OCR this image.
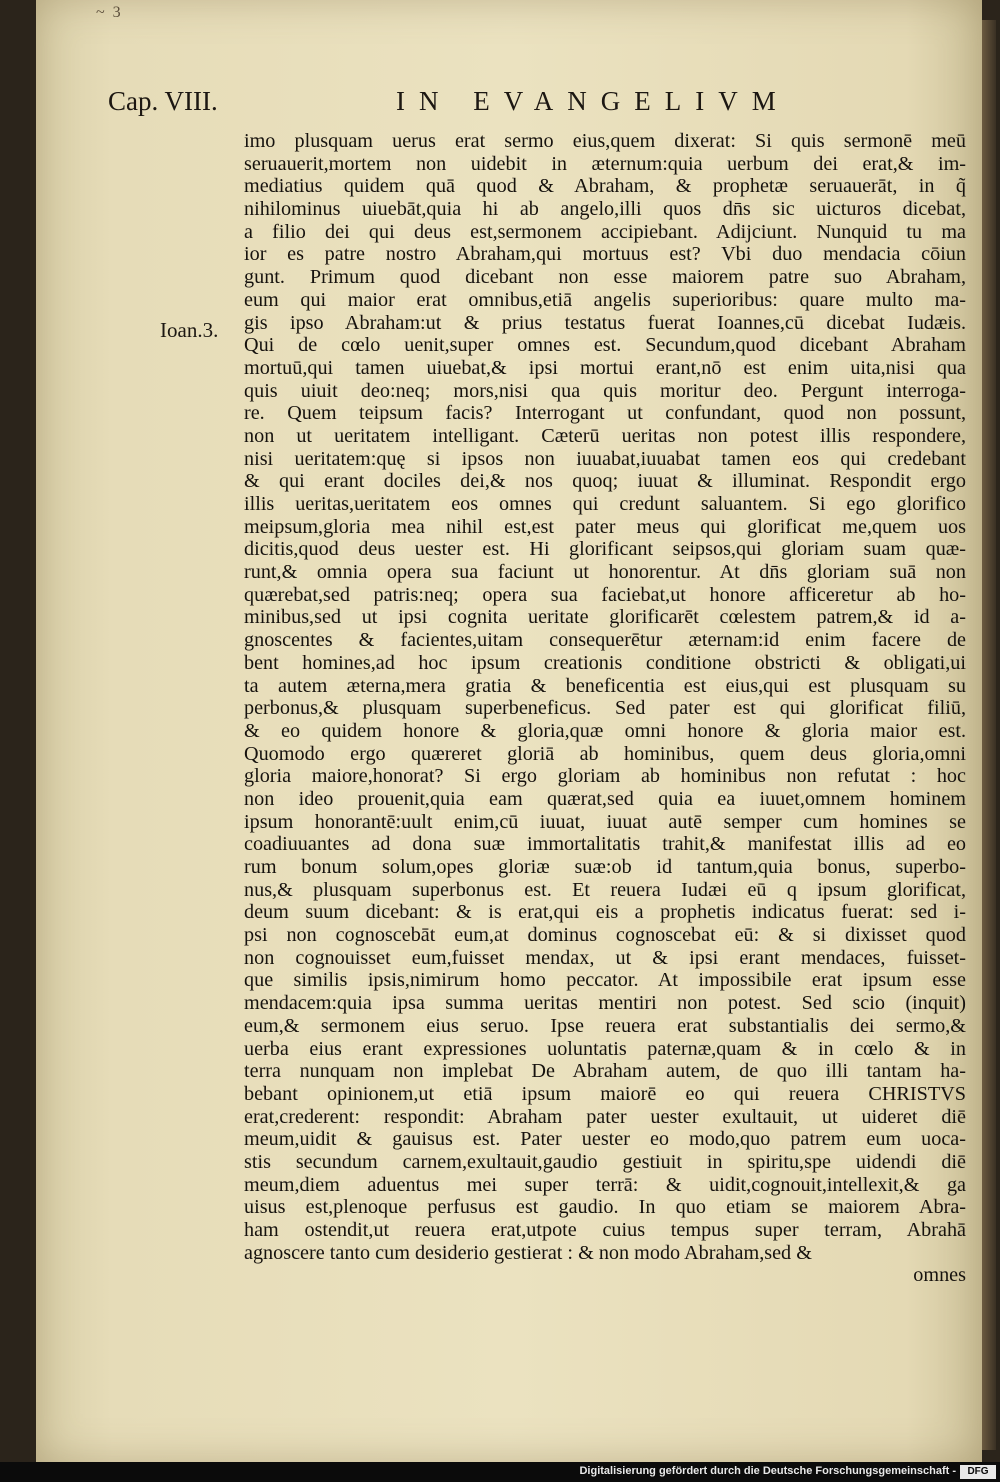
~ 3
Cap. VIII.	IN EVANGELIVM
Ioan.3.
imo plusquam uerus erat sermo eius,quem dixerat: Si quis sermonē meū
seruauerit,mortem non uidebit in æternum:quia uerbum dei erat,& im-
mediatius quidem quā quod & Abraham, & prophetæ seruauerāt, in q̃
nihilominus uiuebāt,quia hi ab angelo,illi quos dn̄s sic uicturos dicebat,
a filio dei qui deus est,sermonem accipiebant. Adijciunt. Nunquid tu ma
ior es patre nostro Abraham,qui mortuus est? Vbi duo mendacia cōiun
gunt. Primum quod dicebant non esse maiorem patre suo Abraham,
eum qui maior erat omnibus,etiā angelis superioribus: quare multo ma-
gis ipso Abraham:ut & prius testatus fuerat Ioannes,cū dicebat Iudæis.
Qui de cœlo uenit,super omnes est. Secundum,quod dicebant Abraham
mortuū,qui tamen uiuebat,& ipsi mortui erant,nō est enim uita,nisi qua
quis uiuit deo:neq; mors,nisi qua quis moritur deo. Pergunt interroga-
re. Quem teipsum facis? Interrogant ut confundant, quod non possunt,
non ut ueritatem intelligant. Cæterū ueritas non potest illis respondere,
nisi ueritatem:quę si ipsos non iuuabat,iuuabat tamen eos qui credebant
& qui erant dociles dei,& nos quoq; iuuat & illuminat. Respondit ergo
illis ueritas,ueritatem eos omnes qui credunt saluantem. Si ego glorifico
meipsum,gloria mea nihil est,est pater meus qui glorificat me,quem uos
dicitis,quod deus uester est. Hi glorificant seipsos,qui gloriam suam quæ-
runt,& omnia opera sua faciunt ut honorentur. At dn̄s gloriam suā non
quærebat,sed patris:neq; opera sua faciebat,ut honore afficeretur ab ho-
minibus,sed ut ipsi cognita ueritate glorificarēt cœlestem patrem,& id a-
gnoscentes & facientes,uitam consequerētur æternam:id enim facere de
bent homines,ad hoc ipsum creationis conditione obstricti & obligati,ui
ta autem æterna,mera gratia & beneficentia est eius,qui est plusquam su
perbonus,& plusquam superbeneficus. Sed pater est qui glorificat filiū,
& eo quidem honore & gloria,quæ omni honore & gloria maior est.
Quomodo ergo quæreret gloriā ab hominibus, quem deus gloria,omni
gloria maiore,honorat? Si ergo gloriam ab hominibus non refutat : hoc
non ideo prouenit,quia eam quærat,sed quia ea iuuet,omnem hominem
ipsum honorantē:uult enim,cū iuuat, iuuat autē semper cum homines se
coadiuuantes ad dona suæ immortalitatis trahit,& manifestat illis ad eo
rum bonum solum,opes gloriæ suæ:ob id tantum,quia bonus, superbo-
nus,& plusquam superbonus est. Et reuera Iudæi eū q ipsum glorificat,
deum suum dicebant: & is erat,qui eis a prophetis indicatus fuerat: sed i-
psi non cognoscebāt eum,at dominus cognoscebat eū: & si dixisset quod
non cognouisset eum,fuisset mendax, ut & ipsi erant mendaces, fuisset-
que similis ipsis,nimirum homo peccator. At impossibile erat ipsum esse
mendacem:quia ipsa summa ueritas mentiri non potest. Sed scio (inquit)
eum,& sermonem eius seruo. Ipse reuera erat substantialis dei sermo,&
uerba eius erant expressiones uoluntatis paternæ,quam & in cœlo & in
terra nunquam non implebat De Abraham autem, de quo illi tantam ha-
bebant opinionem,ut etiā ipsum maiorē eo qui reuera CHRISTVS
erat,crederent: respondit: Abraham pater uester exultauit, ut uideret diē
meum,uidit & gauisus est. Pater uester eo modo,quo patrem eum uoca-
stis secundum carnem,exultauit,gaudio gestiuit in spiritu,spe uidendi diē
meum,diem aduentus mei super terrā: & uidit,cognouit,intellexit,& ga
uisus est,plenoque perfusus est gaudio. In quo etiam se maiorem Abra-
ham ostendit,ut reuera erat,utpote cuius tempus super terram, Abrahā
agnoscere tanto cum desiderio gestierat : & non modo Abraham,sed &
omnes
Digitalisierung gefördert durch die Deutsche Forschungsgemeinschaft -	DFG
